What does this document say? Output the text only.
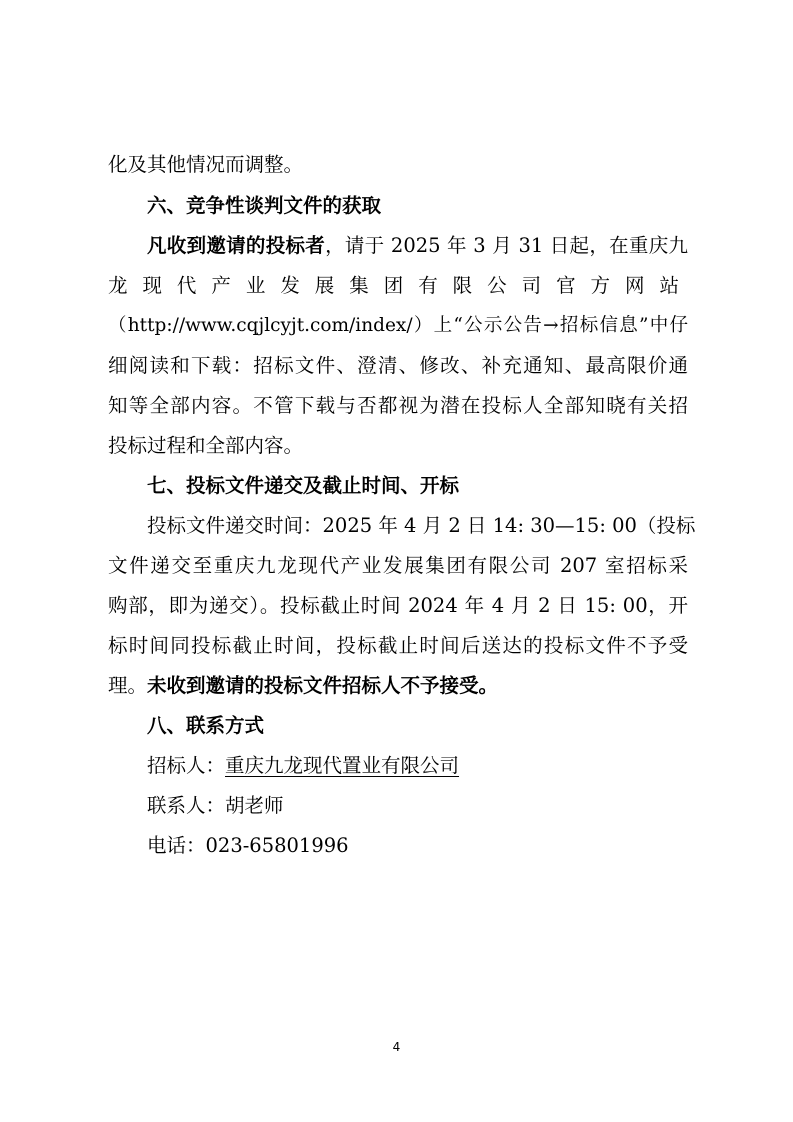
化及其他情况而调整。
六、竞争性谈判文件的获取
凡收到邀请的投标者，请于 2025 年 3 月 31 日起，在重庆九
龙现代产业发展集团有限公司官方网站
（http://www.cqjlcyjt.com/index/）上“公示公告→招标信息”中仔
细阅读和下载：招标文件、澄清、修改、补充通知、最高限价通
知等全部内容。不管下载与否都视为潜在投标人全部知晓有关招
投标过程和全部内容。
七、投标文件递交及截止时间、开标
投标文件递交时间：2025 年 4 月 2 日 14: 30—15: 00（投标
文件递交至重庆九龙现代产业发展集团有限公司 207 室招标采
购部，即为递交）。投标截止时间 2024 年 4 月 2 日 15: 00，开
标时间同投标截止时间，投标截止时间后送达的投标文件不予受
理。未收到邀请的投标文件招标人不予接受。
八、联系方式
招标人：重庆九龙现代置业有限公司
联系人：胡老师
电话：023-65801996
4
